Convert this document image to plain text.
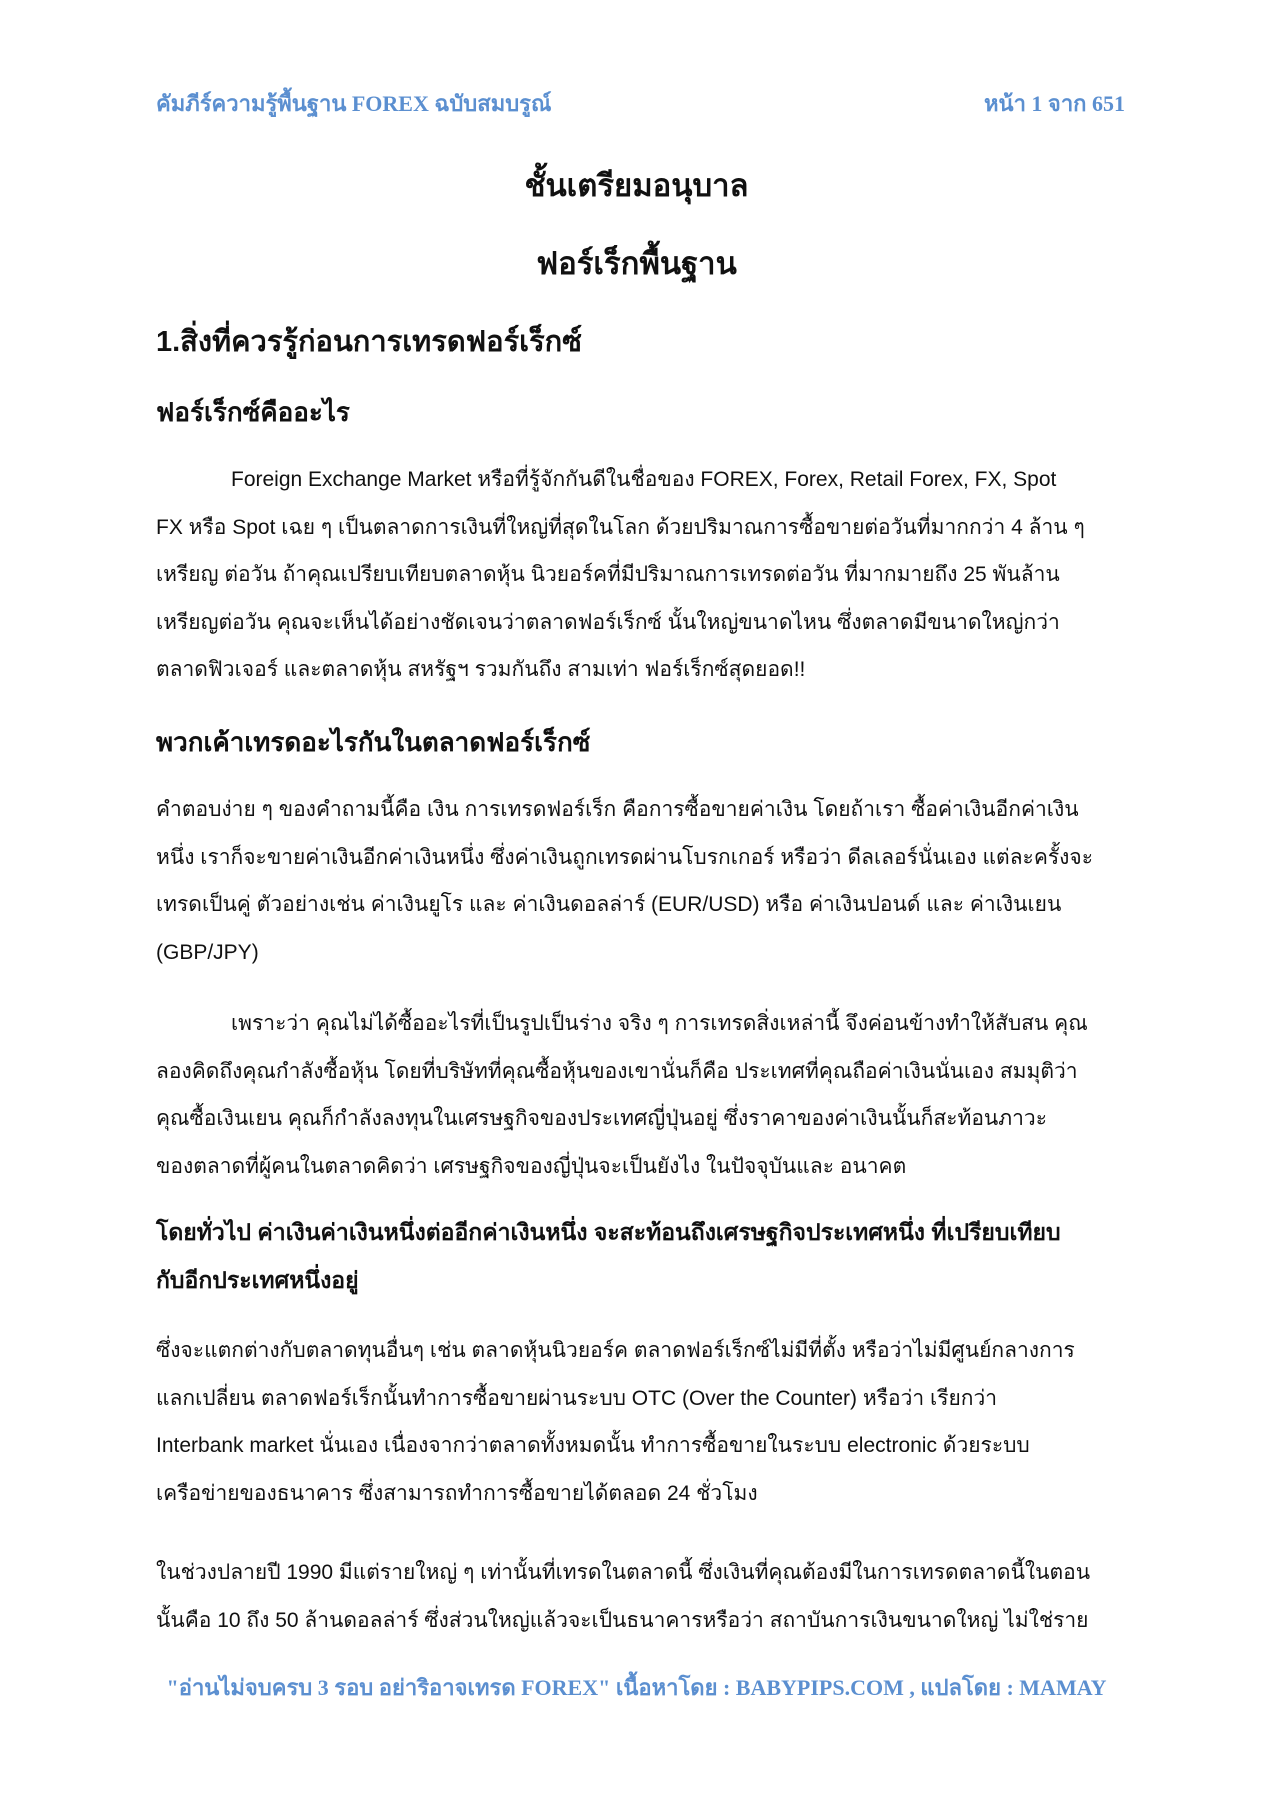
คัมภีร์ความรู้พื้นฐาน FOREX ฉบับสมบรูณ์	หน้า 1 จาก 651
ชั้นเตรียมอนุบาล
ฟอร์เร็กพื้นฐาน
1.สิ่งที่ควรรู้ก่อนการเทรดฟอร์เร็กซ์
ฟอร์เร็กซ์คืออะไร
Foreign Exchange Market หรือที่รู้จักกันดีในชื่อของ FOREX, Forex, Retail Forex, FX, Spot
FX หรือ Spot เฉย ๆ เป็นตลาดการเงินที่ใหญ่ที่สุดในโลก ด้วยปริมาณการซื้อขายต่อวันที่มากกว่า 4 ล้าน ๆ
เหรียญ ต่อวัน ถ้าคุณเปรียบเทียบตลาดหุ้น นิวยอร์คที่มีปริมาณการเทรดต่อวัน ที่มากมายถึง 25 พันล้าน
เหรียญต่อวัน คุณจะเห็นได้อย่างชัดเจนว่าตลาดฟอร์เร็กซ์ นั้นใหญ่ขนาดไหน ซึ่งตลาดมีขนาดใหญ่กว่า
ตลาดฟิวเจอร์ และตลาดหุ้น สหรัฐฯ รวมกันถึง สามเท่า ฟอร์เร็กซ์สุดยอด!!
พวกเค้าเทรดอะไรกันในตลาดฟอร์เร็กซ์
คำตอบง่าย ๆ ของคำถามนี้คือ เงิน การเทรดฟอร์เร็ก คือการซื้อขายค่าเงิน โดยถ้าเรา ซื้อค่าเงินอีกค่าเงิน
หนึ่ง เราก็จะขายค่าเงินอีกค่าเงินหนึ่ง ซึ่งค่าเงินถูกเทรดผ่านโบรกเกอร์ หรือว่า ดีลเลอร์นั่นเอง แต่ละครั้งจะ
เทรดเป็นคู่ ตัวอย่างเช่น ค่าเงินยูโร และ ค่าเงินดอลล่าร์ (EUR/USD) หรือ ค่าเงินปอนด์ และ ค่าเงินเยน
(GBP/JPY)
เพราะว่า คุณไม่ได้ซื้ออะไรที่เป็นรูปเป็นร่าง จริง ๆ การเทรดสิ่งเหล่านี้ จึงค่อนข้างทำให้สับสน คุณ
ลองคิดถึงคุณกำลังซื้อหุ้น โดยที่บริษัทที่คุณซื้อหุ้นของเขานั่นก็คือ ประเทศที่คุณถือค่าเงินนั่นเอง สมมุติว่า
คุณซื้อเงินเยน คุณก็กำลังลงทุนในเศรษฐกิจของประเทศญี่ปุ่นอยู่ ซึ่งราคาของค่าเงินนั้นก็สะท้อนภาวะ
ของตลาดที่ผู้คนในตลาดคิดว่า เศรษฐกิจของญี่ปุ่นจะเป็นยังไง ในปัจจุบันและ อนาคต
โดยทั่วไป ค่าเงินค่าเงินหนึ่งต่ออีกค่าเงินหนึ่ง จะสะท้อนถึงเศรษฐกิจประเทศหนึ่ง ที่เปรียบเทียบ
กับอีกประเทศหนึ่งอยู่
ซึ่งจะแตกต่างกับตลาดทุนอื่นๆ เช่น ตลาดหุ้นนิวยอร์ค ตลาดฟอร์เร็กซ์ไม่มีที่ตั้ง หรือว่าไม่มีศูนย์กลางการ
แลกเปลี่ยน ตลาดฟอร์เร็กนั้นทำการซื้อขายผ่านระบบ OTC (Over the Counter) หรือว่า เรียกว่า
Interbank market นั่นเอง เนื่องจากว่าตลาดทั้งหมดนั้น ทำการซื้อขายในระบบ electronic ด้วยระบบ
เครือข่ายของธนาคาร ซึ่งสามารถทำการซื้อขายได้ตลอด 24 ชั่วโมง
ในช่วงปลายปี 1990 มีแต่รายใหญ่ ๆ เท่านั้นที่เทรดในตลาดนี้ ซึ่งเงินที่คุณต้องมีในการเทรดตลาดนี้ในตอน
นั้นคือ 10 ถึง 50 ล้านดอลล่าร์ ซึ่งส่วนใหญ่แล้วจะเป็นธนาคารหรือว่า สถาบันการเงินขนาดใหญ่ ไม่ใช่ราย
"อ่านไม่จบครบ 3 รอบ อย่าริอาจเทรด FOREX" เนื้อหาโดย : BABYPIPS.COM , แปลโดย : MAMAY
